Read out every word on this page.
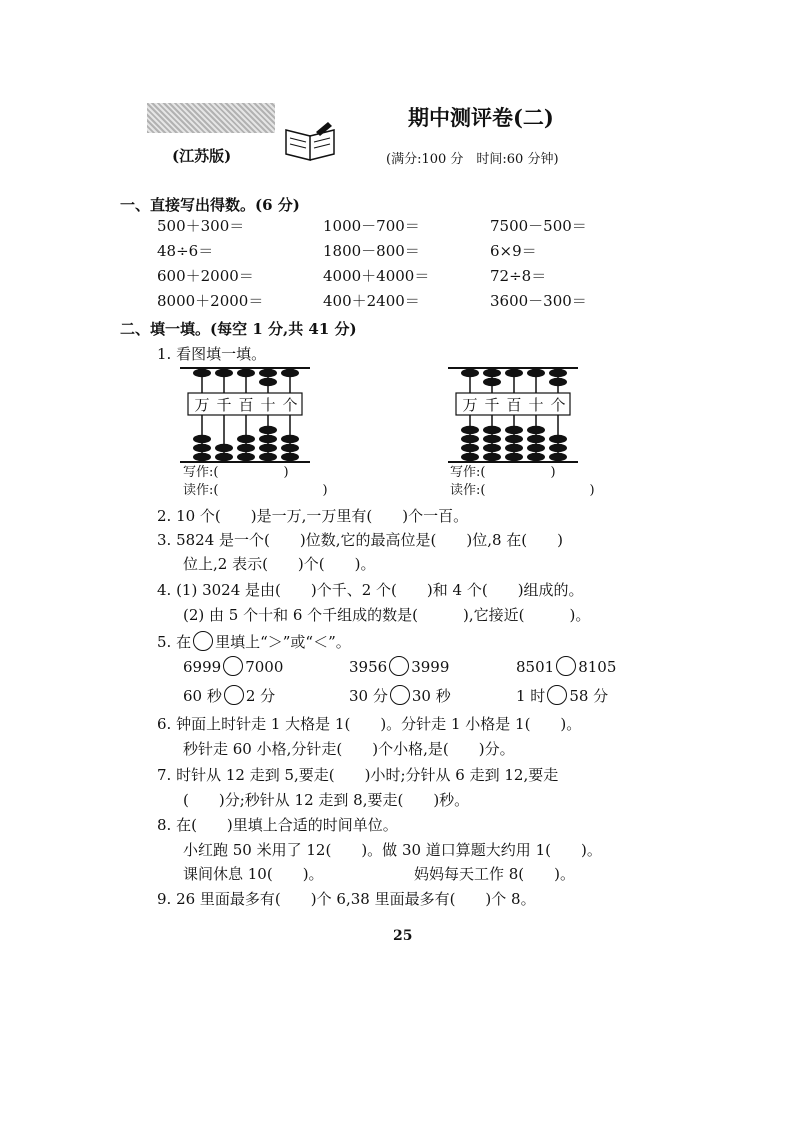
期中测评卷(二)
(江苏版)	(满分:100 分　时间:60 分钟)
一、直接写出得数。(6 分)
500＋300＝	1000－700＝	7500－500＝
48÷6＝	1800－800＝	6×9＝
600＋2000＝	4000＋4000＝	72÷8＝
8000＋2000＝	400＋2400＝	3600－300＝
二、填一填。(每空 1 分,共 41 分)
1. 看图填一填。
万 千 百 十 个	万 千 百 十 个
写作:(　　　　　)
读作:(　　　　　　　　)
写作:(　　　　　)
读作:(　　　　　　　　)
2. 10 个(　　)是一万,一万里有(　　)个一百。
3. 5824 是一个(　　)位数,它的最高位是(　　)位,8 在(　　)
位上,2 表示(　　)个(　　)。
4. (1) 3024 是由(　　)个千、2 个(　　)和 4 个(　　)组成的。
(2) 由 5 个十和 6 个千组成的数是(　　　),它接近(　　　)。
5. 在 里填上“＞”或“＜”。
6999 7000	3956 3999	8501 8105
60 秒 2 分	30 分 30 秒	1 时 58 分
6. 钟面上时针走 1 大格是 1(　　)。分针走 1 小格是 1(　　)。
秒针走 60 小格,分针走(　　)个小格,是(　　)分。
7. 时针从 12 走到 5,要走(　　)小时;分针从 6 走到 12,要走
(　　)分;秒针从 12 走到 8,要走(　　)秒。
8. 在(　　)里填上合适的时间单位。
小红跑 50 米用了 12(　　)。做 30 道口算题大约用 1(　　)。
课间休息 10(　　)。	妈妈每天工作 8(　　)。
9. 26 里面最多有(　　)个 6,38 里面最多有(　　)个 8。
25
